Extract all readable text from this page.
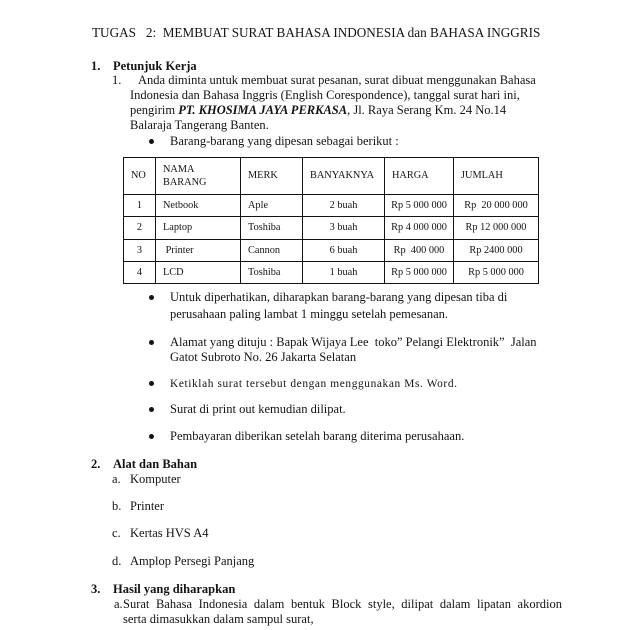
TUGAS   2:  MEMBUAT SURAT BAHASA INDONESIA dan BAHASA INGGRIS
1. Petunjuk Kerja
1. Anda diminta untuk membuat surat pesanan, surat dibuat menggunakan Bahasa
Indonesia dan Bahasa Inggris (English Corespondence), tanggal surat hari ini,
pengirim PT. KHOSIMA JAYA PERKASA, Jl. Raya Serang Km. 24 No.14
Balaraja Tangerang Banten.
Barang-barang yang dipesan sebagai berikut :
NO	NAMA BARANG	MERK	BANYAKNYA	HARGA	JUMLAH
1	Netbook	Aple	2 buah	Rp 5 000 000	Rp  20 000 000
2	Laptop	Toshiba	3 buah	Rp 4 000 000	Rp 12 000 000
3	Printer	Cannon	6 buah	Rp  400 000	Rp 2400 000
4	LCD	Toshiba	1 buah	Rp 5 000 000	Rp 5 000 000
Untuk diperhatikan, diharapkan barang-barang yang dipesan tiba di
perusahaan paling lambat 1 minggu setelah pemesanan.
Alamat yang dituju : Bapak Wijaya Lee  toko” Pelangi Elektronik”  Jalan
Gatot Subroto No. 26 Jakarta Selatan
Ketiklah surat tersebut dengan menggunakan Ms. Word.
Surat di print out kemudian dilipat.
Pembayaran diberikan setelah barang diterima perusahaan.
2. Alat dan Bahan
a. Komputer
b. Printer
c. Kertas HVS A4
d. Amplop Persegi Panjang
3. Hasil yang diharapkan
a. Surat Bahasa Indonesia dalam bentuk Block style, dilipat dalam lipatan akordion
serta dimasukkan dalam sampul surat,
